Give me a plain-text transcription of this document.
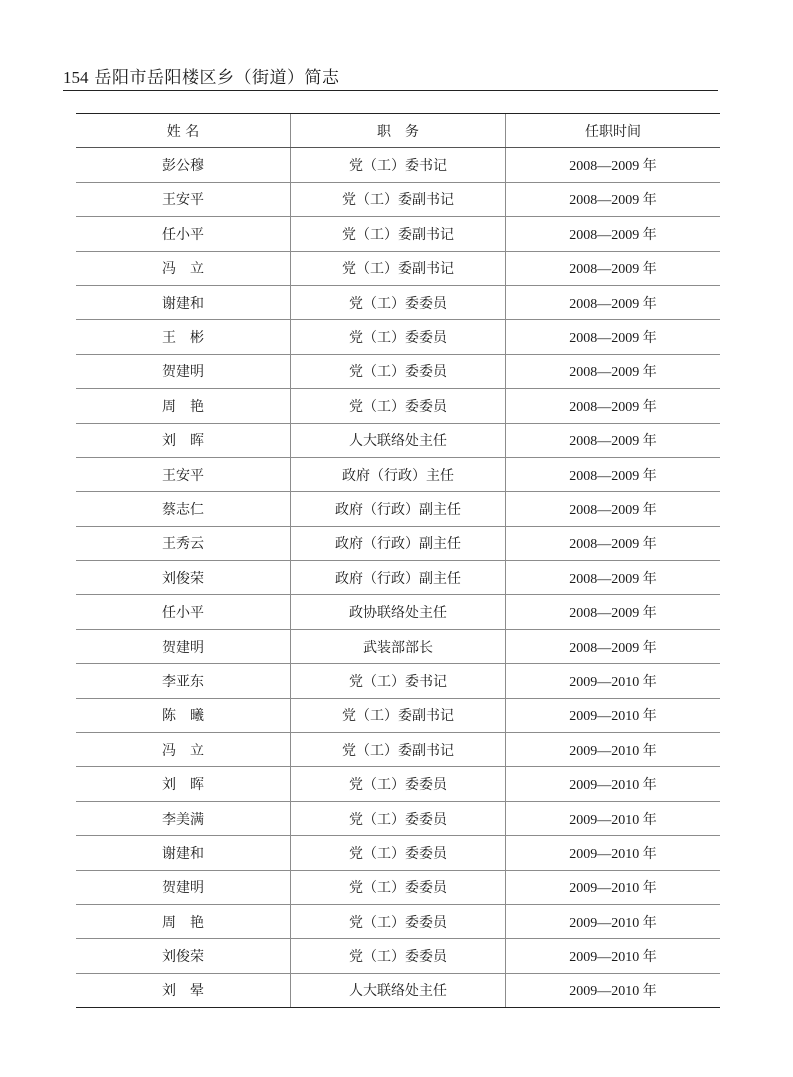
154 岳阳市岳阳楼区乡（街道）简志
姓 名	职　务	任职时间
彭公穆	党（工）委书记	2008—2009 年
王安平	党（工）委副书记	2008—2009 年
任小平	党（工）委副书记	2008—2009 年
冯　立	党（工）委副书记	2008—2009 年
谢建和	党（工）委委员	2008—2009 年
王　彬	党（工）委委员	2008—2009 年
贺建明	党（工）委委员	2008—2009 年
周　艳	党（工）委委员	2008—2009 年
刘　晖	人大联络处主任	2008—2009 年
王安平	政府（行政）主任	2008—2009 年
蔡志仁	政府（行政）副主任	2008—2009 年
王秀云	政府（行政）副主任	2008—2009 年
刘俊荣	政府（行政）副主任	2008—2009 年
任小平	政协联络处主任	2008—2009 年
贺建明	武装部部长	2008—2009 年
李亚东	党（工）委书记	2009—2010 年
陈　曦	党（工）委副书记	2009—2010 年
冯　立	党（工）委副书记	2009—2010 年
刘　晖	党（工）委委员	2009—2010 年
李美满	党（工）委委员	2009—2010 年
谢建和	党（工）委委员	2009—2010 年
贺建明	党（工）委委员	2009—2010 年
周　艳	党（工）委委员	2009—2010 年
刘俊荣	党（工）委委员	2009—2010 年
刘　晕	人大联络处主任	2009—2010 年
